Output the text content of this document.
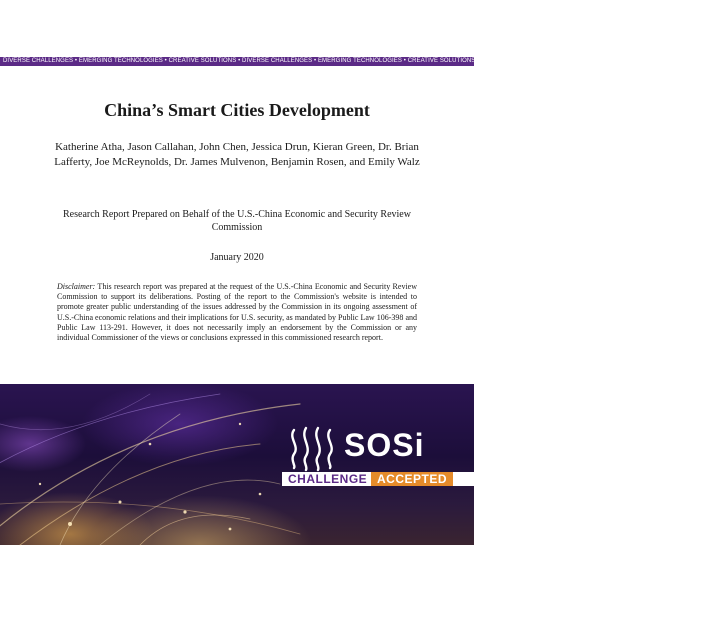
DIVERSE CHALLENGES • EMERGING TECHNOLOGIES • CREATIVE SOLUTIONS • DIVERSE CHALLENGES • EMERGING TECHNOLOGIES • CREATIVE SOLUTIONS • DIVERSE CHALLENGES • EMERGING TECHNOLOGIES • CREATIVE SOLUTIONS
China’s Smart Cities Development

Katherine Atha, Jason Callahan, John Chen, Jessica Drun, Kieran Green, Dr. Brian Lafferty, Joe McReynolds, Dr. James Mulvenon, Benjamin Rosen, and Emily Walz

Research Report Prepared on Behalf of the U.S.-China Economic and Security Review Commission

January 2020

Disclaimer: This research report was prepared at the request of the U.S.-China Economic and Security Review Commission to support its deliberations. Posting of the report to the Commission's website is intended to promote greater public understanding of the issues addressed by the Commission in its ongoing assessment of U.S.-China economic relations and their implications for U.S. security, as mandated by Public Law 106-398 and Public Law 113-291. However, it does not necessarily imply an endorsement by the Commission or any individual Commissioner of the views or conclusions expressed in this commissioned research report.

SOSi
CHALLENGE ACCEPTED
